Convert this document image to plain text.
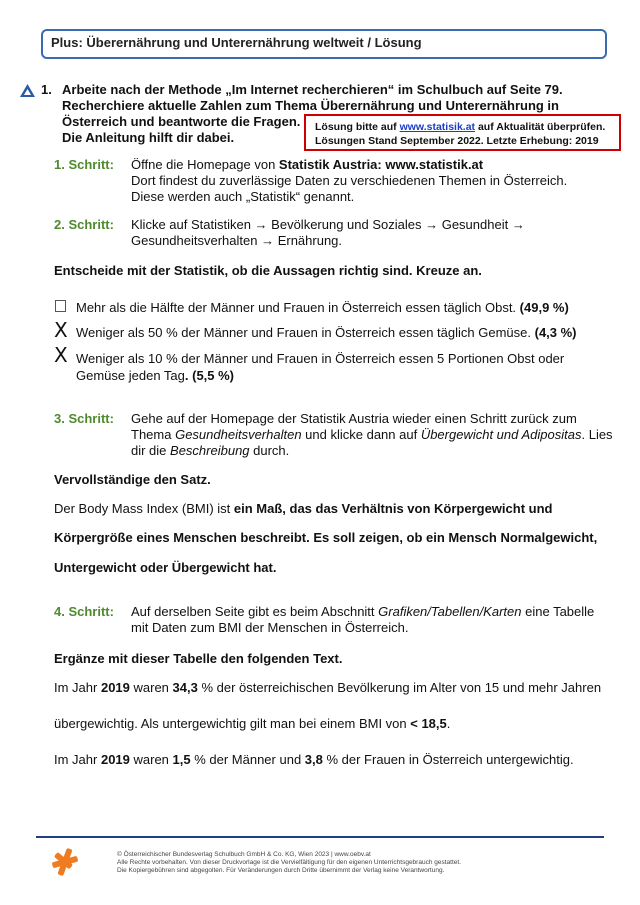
Plus: Überernährung und Unterernährung weltweit / Lösung
1. Arbeite nach der Methode „Im Internet recherchieren“ im Schulbuch auf Seite 79.
Recherchiere aktuelle Zahlen zum Thema Überernährung und Unterernährung in
Österreich und beantworte die Fragen.
Die Anleitung hilft dir dabei.
Lösung bitte auf www.statisik.at auf Aktualität überprüfen.
Lösungen Stand September 2022. Letzte Erhebung: 2019
1. Schritt: Öffne die Homepage von Statistik Austria: www.statistik.at
Dort findest du zuverlässige Daten zu verschiedenen Themen in Österreich.
Diese werden auch „Statistik“ genannt.
2. Schritt: Klicke auf Statistiken → Bevölkerung und Soziales → Gesundheit →
Gesundheitsverhalten → Ernährung.
Entscheide mit der Statistik, ob die Aussagen richtig sind. Kreuze an.
Mehr als die Hälfte der Männer und Frauen in Österreich essen täglich Obst. (49,9 %)
X Weniger als 50 % der Männer und Frauen in Österreich essen täglich Gemüse. (4,3 %)
X Weniger als 10 % der Männer und Frauen in Österreich essen 5 Portionen Obst oder
Gemüse jeden Tag. (5,5 %)
3. Schritt: Gehe auf der Homepage der Statistik Austria wieder einen Schritt zurück zum
Thema Gesundheitsverhalten und klicke dann auf Übergewicht und Adipositas. Lies
dir die Beschreibung durch.
Vervollständige den Satz.
Der Body Mass Index (BMI) ist ein Maß, das das Verhältnis von Körpergewicht und
Körpergröße eines Menschen beschreibt. Es soll zeigen, ob ein Mensch Normalgewicht,
Untergewicht oder Übergewicht hat.
4. Schritt: Auf derselben Seite gibt es beim Abschnitt Grafiken/Tabellen/Karten eine Tabelle
mit Daten zum BMI der Menschen in Österreich.
Ergänze mit dieser Tabelle den folgenden Text.
Im Jahr 2019 waren 34,3 % der österreichischen Bevölkerung im Alter von 15 und mehr Jahren
übergewichtig. Als untergewichtig gilt man bei einem BMI von < 18,5.
Im Jahr 2019 waren 1,5 % der Männer und 3,8 % der Frauen in Österreich untergewichtig.
© Österreichischer Bundesverlag Schulbuch GmbH & Co. KG, Wien 2023 | www.oebv.at
Alle Rechte vorbehalten. Von dieser Druckvorlage ist die Vervielfältigung für den eigenen Unterrichtsgebrauch gestattet.
Die Kopiergebühren sind abgegolten. Für Veränderungen durch Dritte übernimmt der Verlag keine Verantwortung.
